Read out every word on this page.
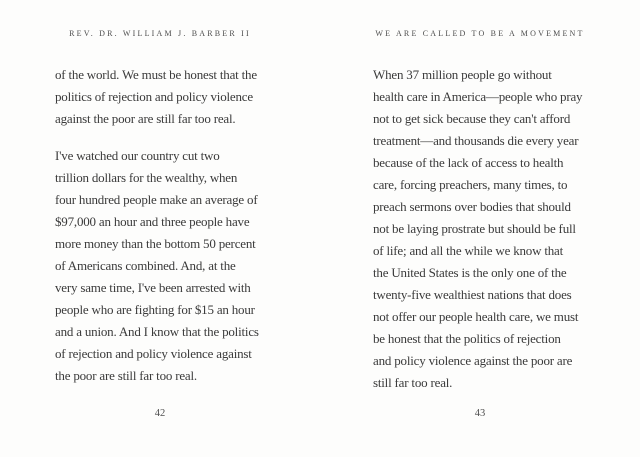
REV. DR. WILLIAM J. BARBER II

of the world. We must be honest that the
politics of rejection and policy violence
against the poor are still far too real.

I've watched our country cut two
trillion dollars for the wealthy, when
four hundred people make an average of
$97,000 an hour and three people have
more money than the bottom 50 percent
of Americans combined. And, at the
very same time, I've been arrested with
people who are fighting for $15 an hour
and a union. And I know that the politics
of rejection and policy violence against
the poor are still far too real.

42
WE ARE CALLED TO BE A MOVEMENT

When 37 million people go without
health care in America—people who pray
not to get sick because they can't afford
treatment—and thousands die every year
because of the lack of access to health
care, forcing preachers, many times, to
preach sermons over bodies that should
not be laying prostrate but should be full
of life; and all the while we know that
the United States is the only one of the
twenty-five wealthiest nations that does
not offer our people health care, we must
be honest that the politics of rejection
and policy violence against the poor are
still far too real.

43
